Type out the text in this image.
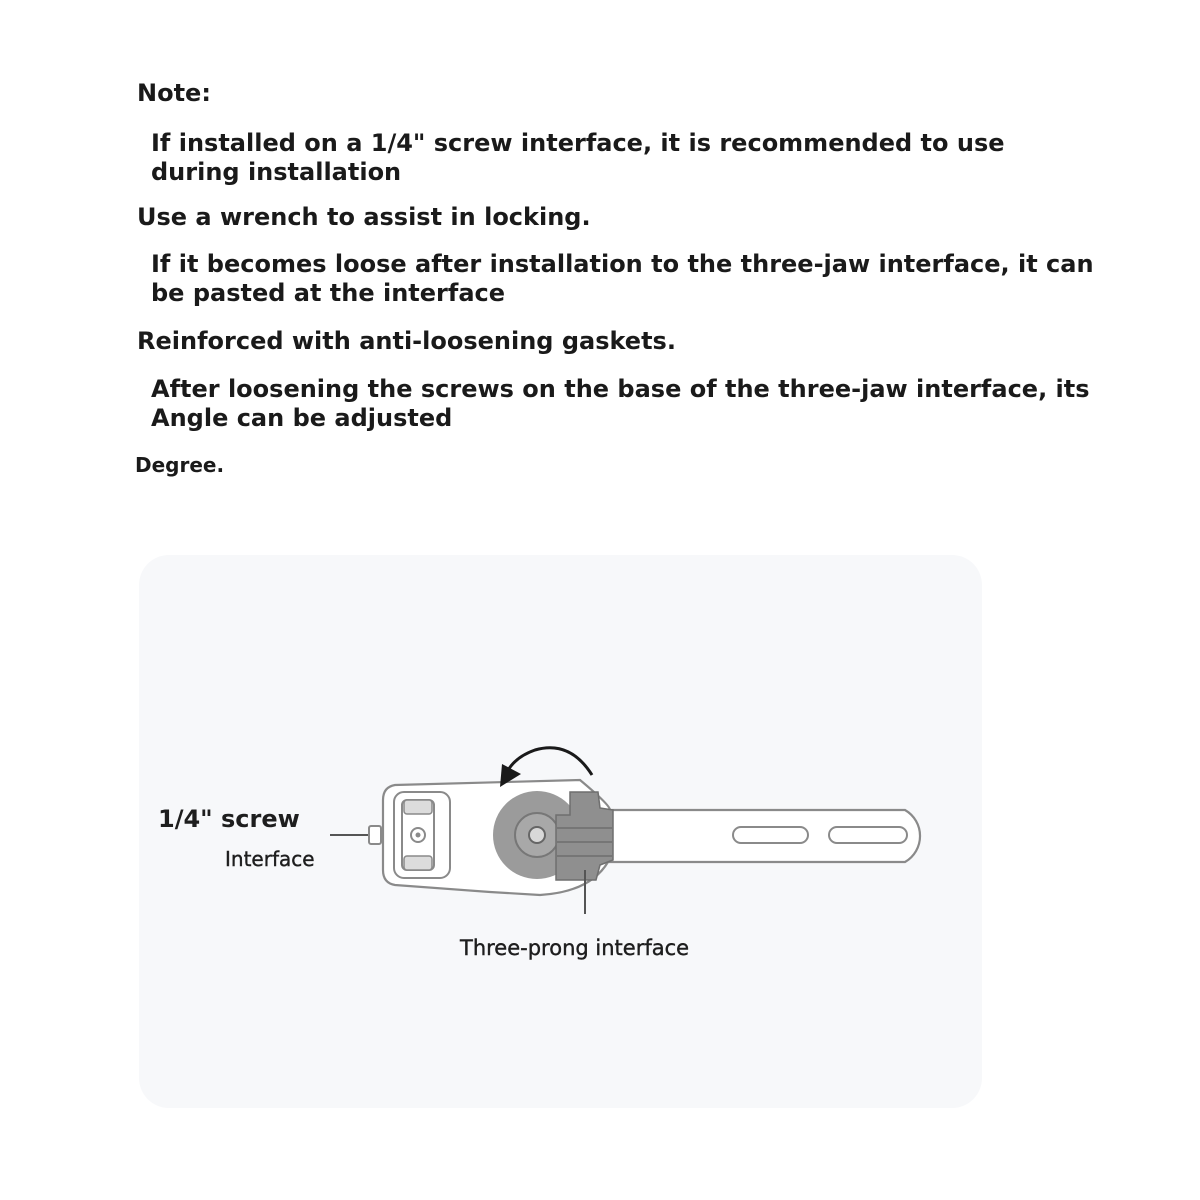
Note:
If installed on a 1/4" screw interface, it is recommended to use
during installation
Use a wrench to assist in locking.
If it becomes loose after installation to the three-jaw interface, it can
be pasted at the interface
Reinforced with anti-loosening gaskets.
After loosening the screws on the base of the three-jaw interface, its
Angle can be adjusted
Degree.
1/4" screw
Interface
Three-prong interface
